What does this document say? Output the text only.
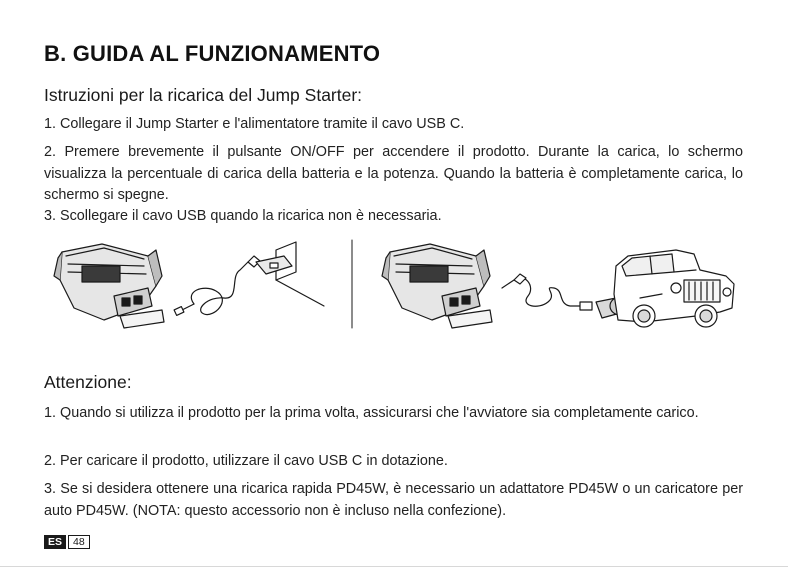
B. GUIDA AL FUNZIONAMENTO
Istruzioni per la ricarica del Jump Starter:

1. Collegare il Jump Starter e l'alimentatore tramite il cavo USB C.

2. Premere brevemente il pulsante ON/OFF per accendere il prodotto. Durante la carica, lo schermo visualizza la percentuale di carica della batteria e la potenza. Quando la batteria è completamente carica, lo schermo si spegne.

3. Scollegare il cavo USB quando la ricarica non è necessaria.

Attenzione:

1. Quando si utilizza il prodotto per la prima volta, assicurarsi che l'avviatore sia completamente carico.

2. Per caricare il prodotto, utilizzare il cavo USB C in dotazione.

3. Se si desidera ottenere una ricarica rapida PD45W, è necessario un adattatore PD45W o un caricatore per auto PD45W. (NOTA: questo accessorio non è incluso nella confezione).

ES	48
